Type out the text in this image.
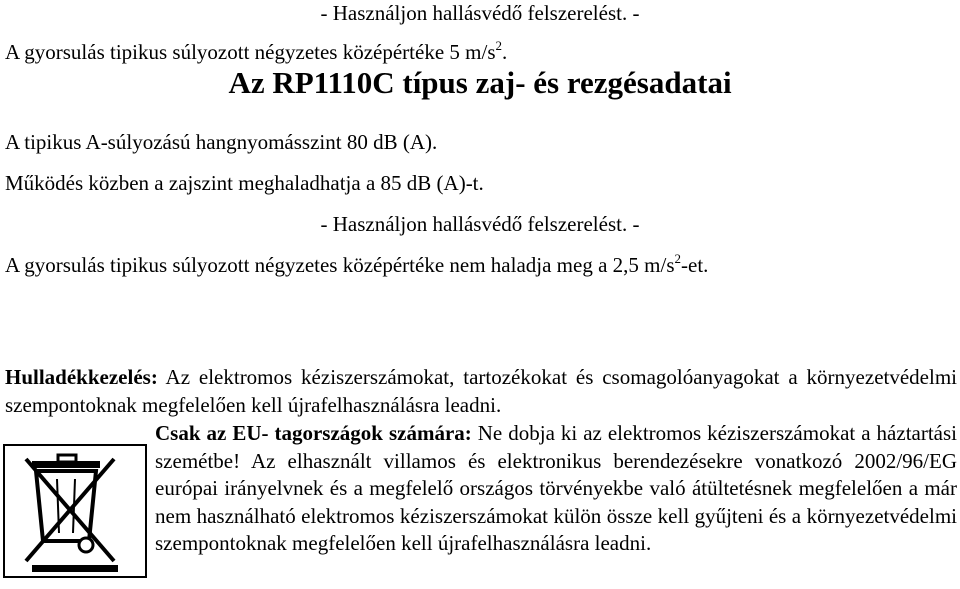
- Használjon hallásvédő felszerelést. -
A gyorsulás tipikus súlyozott négyzetes középértéke 5 $m/s^2$.
Az RP1110C típus zaj- és rezgésadatai
A tipikus A-súlyozású hangnyomásszint 80 dB (A).
Működés közben a zajszint meghaladhatja a 85 dB (A)-t.
- Használjon hallásvédő felszerelést. -
A gyorsulás tipikus súlyozott négyzetes középértéke nem haladja meg a 2,5 $m/s^2-et$.
Hulladékkezelés: Az elektromos kéziszerszámokat, tartozékokat és csomagolóanyagokat a környezetvédelmi szempontoknak megfelelően kell újrafelhasználásra leadni.
Csak az EU- tagországok számára: Ne dobja ki az elektromos kéziszerszámokat a háztartási szemétbe! Az elhasznált villamos és elektronikus berendezésekre vonatkozó 2002/96/EG európai irányelvnek és a megfelelő országos törvényekbe való átültetésnek megfelelően a már nem használható elektromos kéziszerszámokat külön össze kell gyűjteni és a környezetvédelmi szempontoknak megfelelően kell újrafelhasználásra leadni.
